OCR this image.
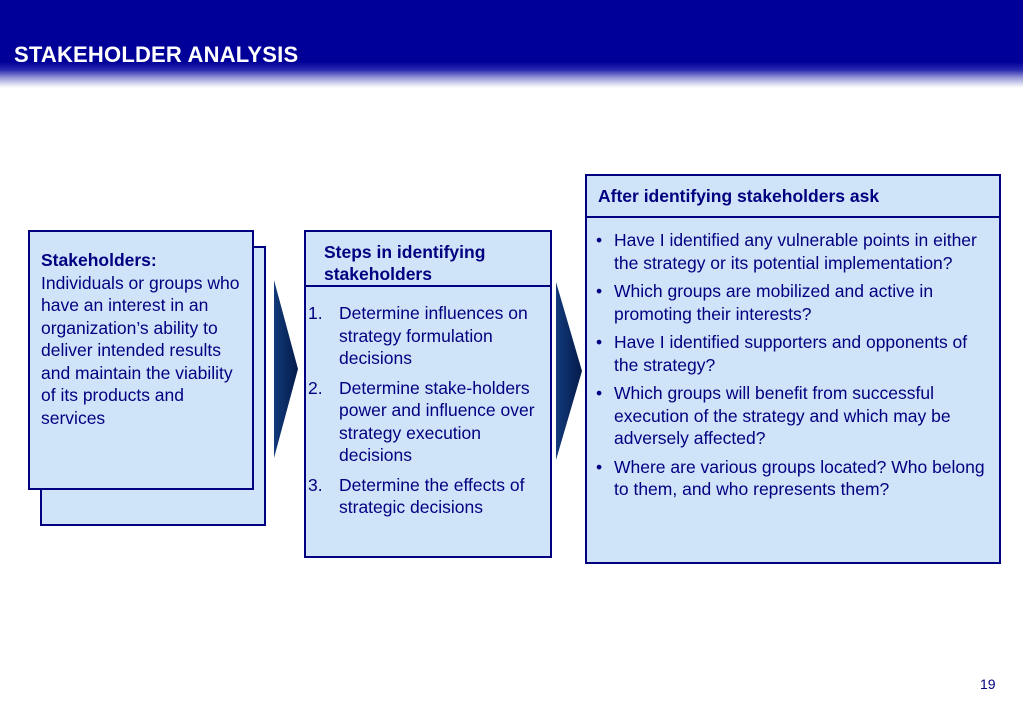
STAKEHOLDER ANALYSIS
Stakeholders:
Individuals or groups who have an interest in an organization’s ability to deliver intended results and maintain the viability of its products and services
Steps in identifying stakeholders
1. Determine influences on strategy formulation decisions
2. Determine stake-holders power and influence over strategy execution decisions
3. Determine the effects of strategic decisions
After identifying stakeholders ask
• Have I identified any vulnerable points in either the strategy or its potential implementation?
• Which groups are mobilized and active in promoting their interests?
• Have I identified supporters and opponents of the strategy?
• Which groups will benefit from successful execution of the strategy and which may be adversely affected?
• Where are various groups located? Who belong to them, and who represents them?
19
